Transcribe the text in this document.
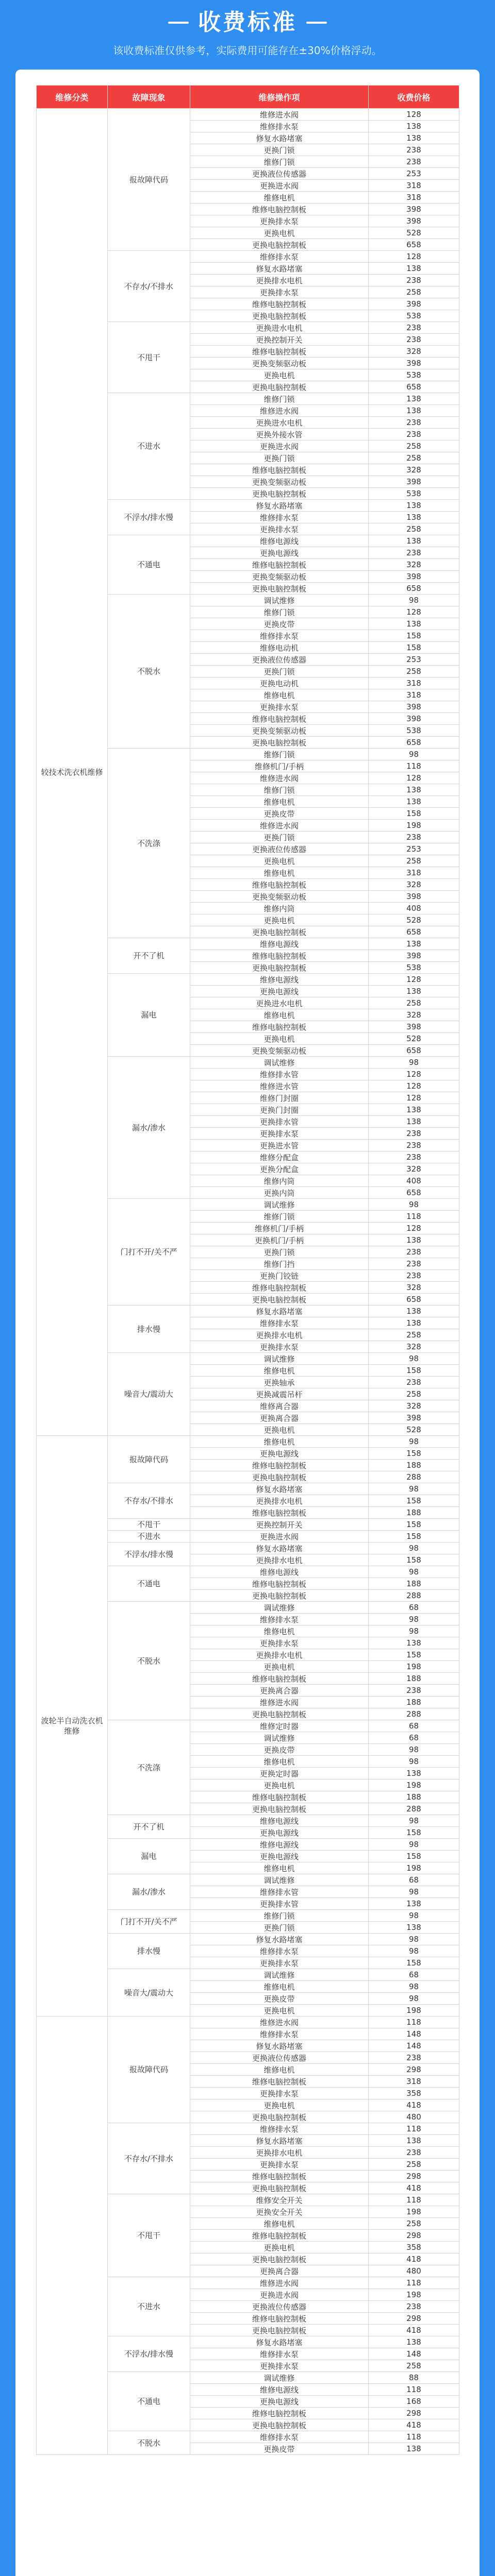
收费标准
该收费标准仅供参考，实际费用可能存在±30%价格浮动。
维修分类	故障现象	维修操作项	收费价格
较技术洗衣机维修	报故障代码	维修进水阀	128
		维修排水泵	138
		修复水路堵塞	138
		更换门锁	238
		维修门锁	238
		更换液位传感器	253
		更换进水阀	318
		维修电机	318
		维修电脑控制板	398
		更换排水泵	398
		更换电机	528
		更换电脑控制板	658
	不存水/不排水	维修排水泵	128
		修复水路堵塞	138
		更换排水电机	238
		更换排水泵	258
		维修电脑控制板	398
		更换电脑控制板	538
	不甩干	更换进水电机	238
		更换控制开关	238
		维修电脑控制板	328
		更换变频驱动板	398
		更换电机	538
		更换电脑控制板	658
	不进水	维修门锁	138
		维修进水阀	138
		更换进水电机	238
		更换外接水管	238
		更换进水阀	258
		更换门锁	258
		维修电脑控制板	328
		更换变频驱动板	398
		更换电脑控制板	538
	不浮水/排水慢	修复水路堵塞	138
		维修排水泵	138
		更换排水泵	258
	不通电	维修电源线	138
		更换电源线	238
		维修电脑控制板	328
		更换变频驱动板	398
		更换电脑控制板	658
	不脱水	调试维修	98
		维修门锁	128
		更换皮带	138
		维修排水泵	158
		维修电动机	158
		更换液位传感器	253
		更换门锁	258
		更换电动机	318
		维修电机	318
		更换排水泵	398
		维修电脑控制板	398
		更换变频驱动板	538
		更换电脑控制板	658
	不洗涤	维修门锁	98
		维修机门/手柄	118
		维修进水阀	128
		维修门锁	138
		维修电机	138
		更换皮带	158
		维修进水阀	198
		更换门锁	238
		更换液位传感器	253
		更换电机	258
		维修电机	318
		维修电脑控制板	328
		更换变频驱动板	398
		维修内筒	408
		更换电机	528
		更换电脑控制板	658
	开不了机	维修电源线	138
		维修电脑控制板	398
		更换电脑控制板	538
	漏电	维修电源线	128
		更换电源线	138
		更换进水电机	258
		维修电机	328
		维修电脑控制板	398
		更换电机	528
		更换变频驱动板	658
	漏水/渗水	调试维修	98
		维修排水管	128
		维修进水管	128
		维修门封圈	128
		更换门封圈	138
		更换排水管	138
		更换排水泵	238
		更换进水管	238
		维修分配盒	238
		更换分配盒	328
		维修内筒	408
		更换内筒	658
	门打不开/关不严	调试维修	98
		维修门锁	118
		维修机门/手柄	128
		更换机门/手柄	138
		更换门锁	238
		维修门挡	238
		更换门铰链	238
		维修电脑控制板	328
		更换电脑控制板	658
	排水慢	修复水路堵塞	138
		维修排水泵	138
		更换排水电机	258
		更换排水泵	328
	噪音大/震动大	调试维修	98
		维修电机	158
		更换轴承	238
		更换减震吊杆	258
		维修离合器	328
		更换离合器	398
		更换电机	528
波轮半自动洗衣机维修	报故障代码	维修电机	98
		更换电源线	158
		维修电脑控制板	188
		更换电脑控制板	288
	不存水/不排水	修复水路堵塞	98
		更换排水电机	158
		维修电脑控制板	188
	不甩干	更换控制开关	158
	不进水	更换进水阀	158
	不浮水/排水慢	修复水路堵塞	98
		更换排水电机	158
	不通电	维修电源线	98
		维修电脑控制板	188
		更换电脑控制板	288
	不脱水	调试维修	68
		维修排水泵	98
		维修电机	98
		更换排水泵	138
		更换排水电机	158
		更换电机	198
		维修电脑控制板	188
		更换离合器	238
		维修进水阀	188
		更换电脑控制板	288
	不洗涤	维修定时器	68
		调试维修	68
		更换皮带	98
		维修电机	98
		更换定时器	138
		更换电机	198
		维修电脑控制板	188
		更换电脑控制板	288
	开不了机	维修电源线	98
		更换电源线	158
	漏电	维修电源线	98
		更换电源线	158
		维修电机	198
	漏水/渗水	调试维修	68
		维修排水管	98
		更换排水管	138
	门打不开/关不严	维修门锁	98
		更换门锁	138
	排水慢	修复水路堵塞	98
		维修排水泵	98
		更换排水泵	158
	噪音大/震动大	调试维修	68
		维修电机	98
		更换皮带	98
		更换电机	198
	报故障代码	维修进水阀	118
		维修排水泵	148
		修复水路堵塞	148
		更换液位传感器	238
		维修电机	298
		维修电脑控制板	318
		更换排水泵	358
		更换电机	418
		更换电脑控制板	480
	不存水/不排水	维修排水泵	118
		修复水路堵塞	138
		更换排水电机	238
		更换排水泵	258
		维修电脑控制板	298
		更换电脑控制板	418
	不甩干	维修安全开关	118
		更换安全开关	198
		维修电机	258
		维修电脑控制板	298
		更换电机	358
		更换电脑控制板	418
		更换离合器	480
	不进水	维修进水阀	118
		更换进水阀	198
		更换液位传感器	238
		维修电脑控制板	298
		更换电脑控制板	418
	不浮水/排水慢	修复水路堵塞	138
		维修排水泵	148
		更换排水泵	258
	不通电	调试维修	88
		维修电源线	118
		更换电源线	168
		维修电脑控制板	298
		更换电脑控制板	418
	不脱水	维修排水泵	118
		更换皮带	138
